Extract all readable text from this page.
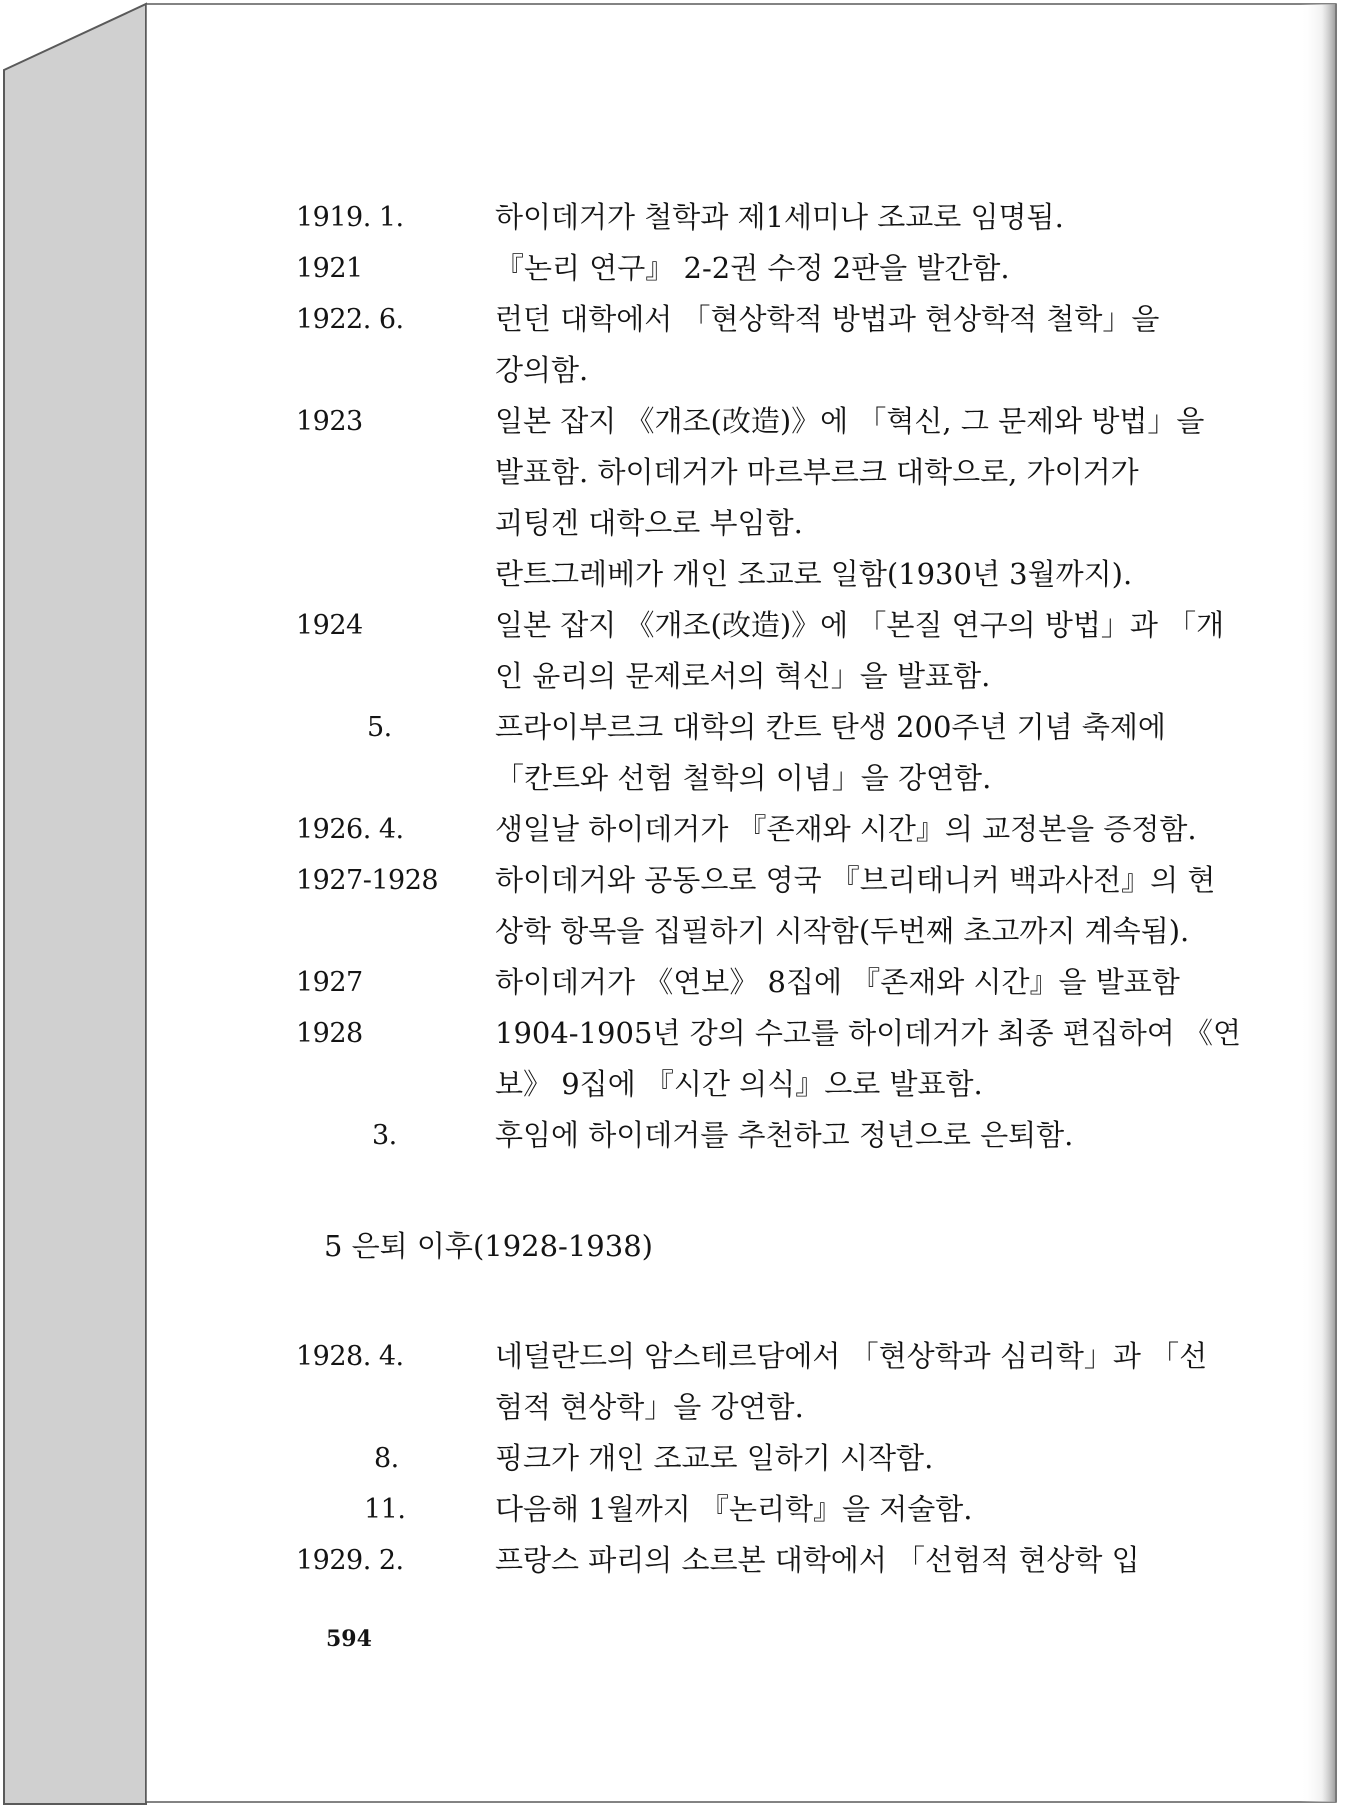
1919. 1.	하이데거가 철학과 제1세미나 조교로 임명됨.
1921	『논리 연구』 2-2권 수정 2판을 발간함.
1922. 6.	런던 대학에서 「현상학적 방법과 현상학적 철학」을
강의함.
1923	일본 잡지 《개조(改造)》에 「혁신, 그 문제와 방법」을
발표함. 하이데거가 마르부르크 대학으로, 가이거가
괴팅겐 대학으로 부임함.
란트그레베가 개인 조교로 일함(1930년 3월까지).
1924	일본 잡지 《개조(改造)》에 「본질 연구의 방법」과 「개
인 윤리의 문제로서의 혁신」을 발표함.
5.	프라이부르크 대학의 칸트 탄생 200주년 기념 축제에
「칸트와 선험 철학의 이념」을 강연함.
1926. 4.	생일날 하이데거가 『존재와 시간』의 교정본을 증정함.
1927-1928 하이데거와 공동으로 영국 『브리태니커 백과사전』의 현
상학 항목을 집필하기 시작함(두번째 초고까지 계속됨).
1927	하이데거가 《연보》 8집에 『존재와 시간』을 발표함
1928	1904-1905년 강의 수고를 하이데거가 최종 편집하여 《연
보》 9집에 『시간 의식』으로 발표함.
3.	후임에 하이데거를 추천하고 정년으로 은퇴함.
5 은퇴 이후(1928-1938)
1928. 4.	네덜란드의 암스테르담에서 「현상학과 심리학」과 「선
험적 현상학」을 강연함.
8.	핑크가 개인 조교로 일하기 시작함.
11.	다음해 1월까지 『논리학』을 저술함.
1929. 2.	프랑스 파리의 소르본 대학에서 「선험적 현상학 입
594
